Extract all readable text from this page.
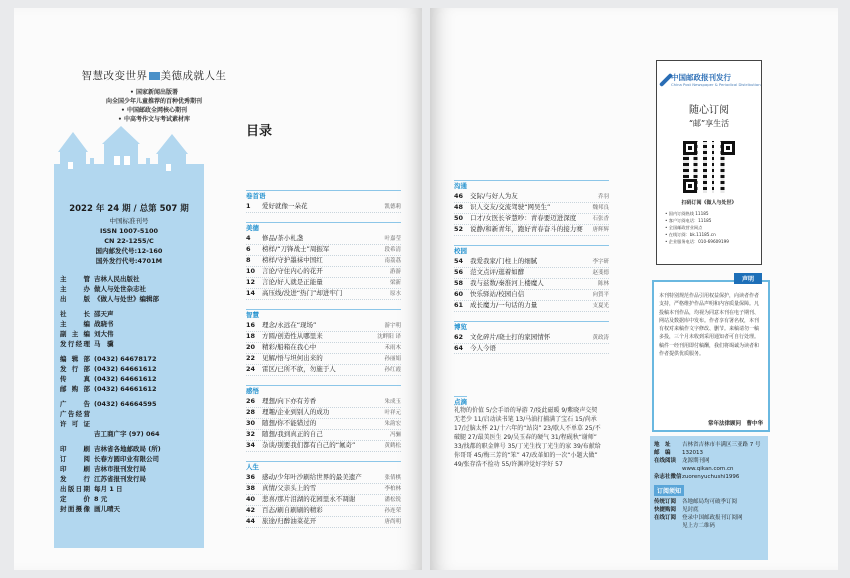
智慧改变世界 美德成就人生
• 国家新闻出版署
向全国少年儿童推荐的百种优秀期刊
• 中国邮政全网核心期刊
• 中高考作文与考试素材库
2022 年 24 期 / 总第 507 期
中国标准刊号
ISSN 1007-5100
CN 22-1255/C
国内邮发代号:12-160
国外发行代号:4701M
主　管 吉林人民出版社
主　办 做人与处世杂志社
出　版 《做人与处世》编辑部
社　长 邵天声
主　编 战晓书
副主编 刘大伟
发行经理 马　骥
编辑部 (0432) 64678172
发行部 (0432) 64661612
传　真 (0432) 64661612
邮购部 (0432) 64661612
广　告 (0432) 64664595
广告经营许可证
吉工商广字 (97) 064
印　刷 吉林省各地邮政局 (所)
订　阅 长春方圆印业有限公司
印　刷 吉林市报刊发行局
发　行 江苏省报刊发行局
出版日期 每月 1 日
定　价 8 元
封面摄像 画儿晴天
目录
卷首语
1	爱好就像一朵花	凯德莉
美德
4	修品/茶小札盏	叶嘉莹
6	榜样/“刀锋战士”周振军	段希清
8	榜样/守护墨袜中国红	南荔荔
10	言论/守住内心的花开	游游
12	言论/好人就是正能量	梁新
14	高压线/没进“热门”却进牢门	原水
智慧
16	理念/永远在“现场”	游宇明
18	方圆/创造性从哪里来	沈畔阳 译
20	精彩/船箱在我心中	禾雨木
22	见解/悟与坦何出来的	孙丽娟
24	雷区/已所不欲，勿施于人	孙红霞
感悟
26	理想/向下亦有芳香	朱成玉
28	理趣/企业到别人的成功	叶祥元
30	随想/你不能错过的	朱韵宏
32	随想/我到真正的自己	冯骊
34	杂谈/别要我们都有自己的“氟奇”	黄鹤松
人生
36	感动/少年叶沙刷给世界的最美遗产	张倩棋
38	真情/父亲头上的雪	李柏林
40	悲喜/那片泪湖的花园里永不凋谢	潘松锐
42	百态/刷自刷刷的精彩	孙连荣
44	旅途/归醉油菜花开	唐尚明
沟通
46	交际/与好人为友	乔羽
48	识人交友/交流驾驶“网吴生”	魏邦良
50	口才/女医长爷慧吵：青春要迈进深度	石张香
52	说静/和新青年，跑好青春奋斗的接力赛	唐辉辉
校园
54	我爱我家/门柱上的细腻	李字研
56	范文点评/逛着如酵	赵斐德
58	我与兹数/秦淮河上楼魔人	陈林
60	快乐驿站/校园自信	向賀平
61	成长魔力/一句话的力量	支夏光
博览
62	文化碎片/晓士打的家园情怀	黄政涛
64	今人今语
点滴
礼物的价值 5/会手语的导游 7/疫此磁暖 9/紫晓声交契无老少 11/启动读书笔 13/马油打捕满了宝石 15/尚承 17/过脑太杯 21/十六年的“站岗” 23/歇人不单草 25/不破腿 27/最美医生 29/吴玉春的硬气 31/程砚秋“谢师” 33/找都的职金牌号 35/丁光生找丁光生的家 39/布献给你哥哥 45/梅三芳的“笨” 47/改革如的一次“小题大做” 49/张存浩不捡功 55/许渊冲觉好字好 57
中国邮政报刊发行
China Post Newspaper & Periodical Distribution
随心订阅
“邮”享生活
扫码订阅《做人与处世》
• 国内订阅热线 11185
• 客户订阅电话：11185
• 全国邮政营业网点
• 在线订阅：bk.11185.cn
• 企业服务电话：010-69609199
声明
本刊特别规范作品引用权益保护，向读者作者支持，严格维护作品声明和内容质量保障。凡投稿本刊作品，均视为同意本刊在电子期刊、网站及数据库中发布。作者享有署名权，本刊有权对来稿作文字修改、删节。来稿请勿一稿多投，三个月未收到采用通知者可自行处理。稿件一经刊用即付稿酬，我们将竭诚为读者和作者提供优质服务。
常年法律顾问　曹中华
地　址	吉林省吉林市丰满区三亚路 7 号
邮　编	132013
在线阅读	龙源期刊网
www.qikan.com.cn
杂志社微信 zuorenyuchushi1996
订阅须知
传统订阅	各地邮局均可破季订阅
快捷购阅	见封底
在线订阅	登录中国邮政报刊订阅网
见上方二维码
